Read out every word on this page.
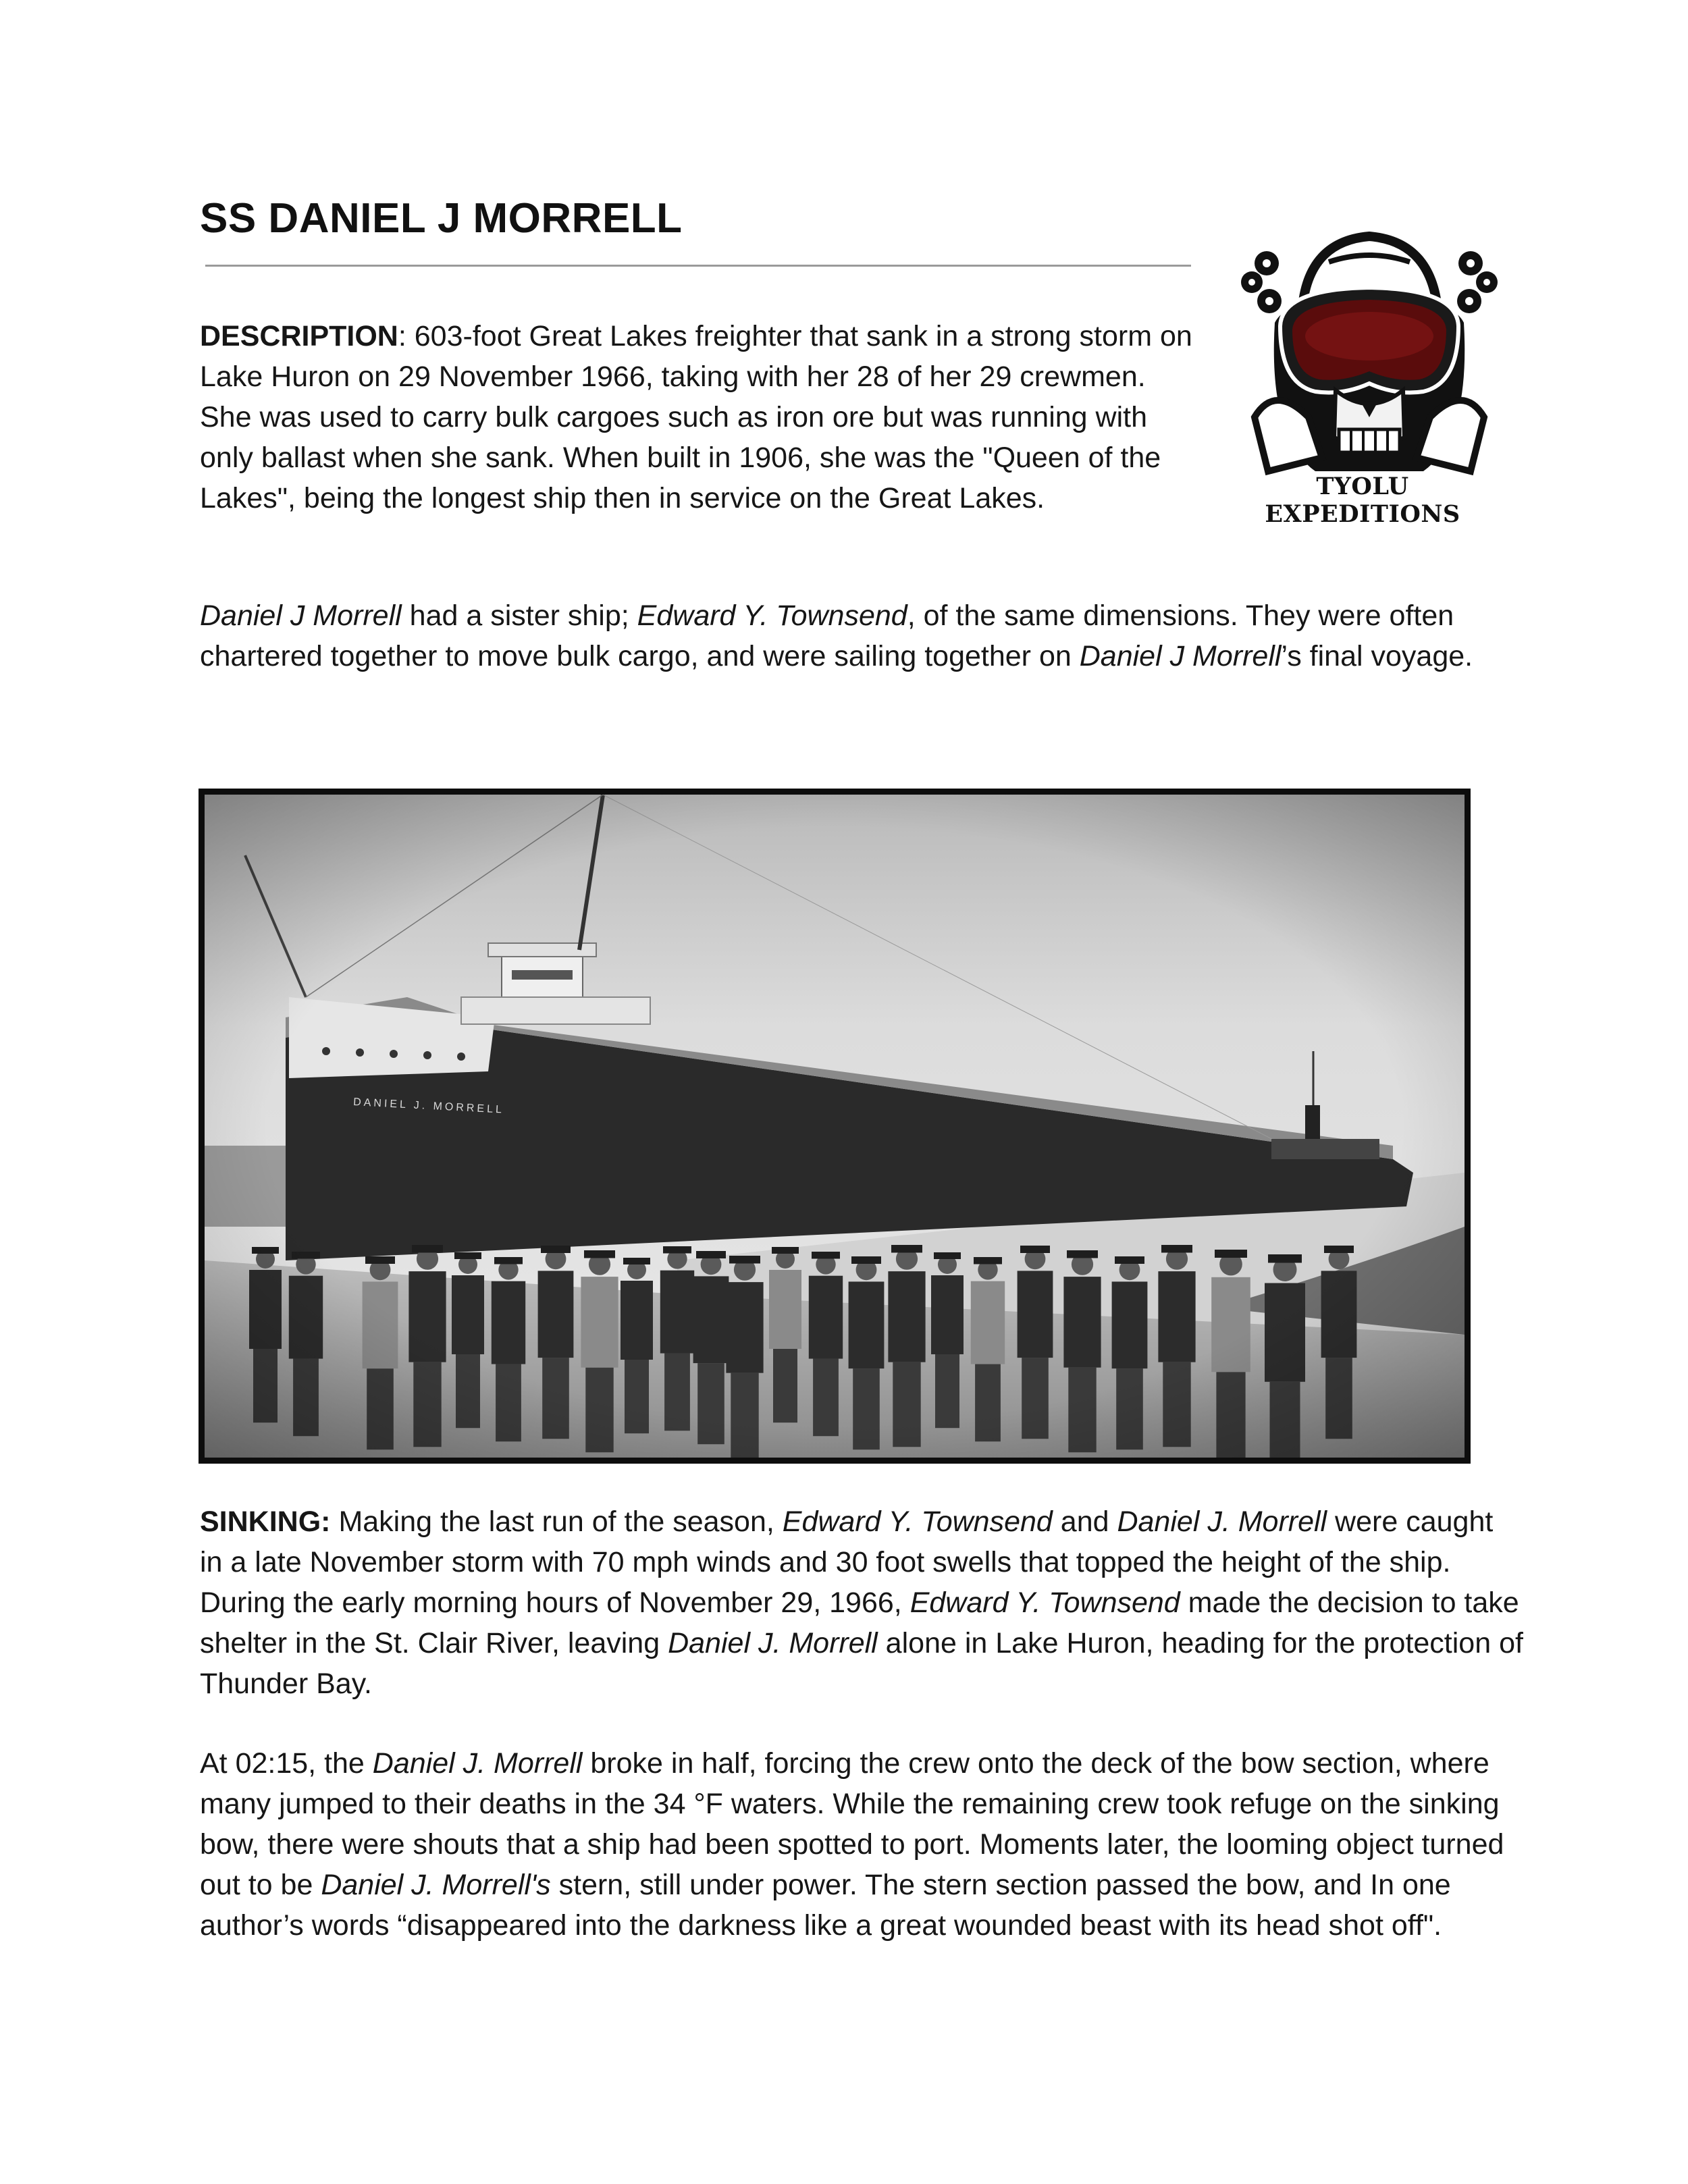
SS DANIEL J MORRELL
TYOLU EXPEDITIONS

DESCRIPTION: 603-foot Great Lakes freighter that sank in a strong storm on Lake Huron on 29 November 1966, taking with her 28 of her 29 crewmen. She was used to carry bulk cargoes such as iron ore but was running with only ballast when she sank. When built in 1906, she was the "Queen of the Lakes", being the longest ship then in service on the Great Lakes.

Daniel J Morrell had a sister ship; Edward Y. Townsend, of the same dimensions. They were often chartered together to move bulk cargo, and were sailing together on Daniel J Morrell’s final voyage.

SINKING: Making the last run of the season, Edward Y. Townsend and Daniel J. Morrell were caught in a late November storm with 70 mph winds and 30 foot swells that topped the height of the ship. During the early morning hours of November 29, 1966, Edward Y. Townsend made the decision to take shelter in the St. Clair River, leaving Daniel J. Morrell alone in Lake Huron, heading for the protection of Thunder Bay.

At 02:15, the Daniel J. Morrell broke in half, forcing the crew onto the deck of the bow section, where many jumped to their deaths in the 34 °F waters. While the remaining crew took refuge on the sinking bow, there were shouts that a ship had been spotted to port. Moments later, the looming object turned out to be Daniel J. Morrell's stern, still under power. The stern section passed the bow, and In one author’s words “disappeared into the darkness like a great wounded beast with its head shot off".
